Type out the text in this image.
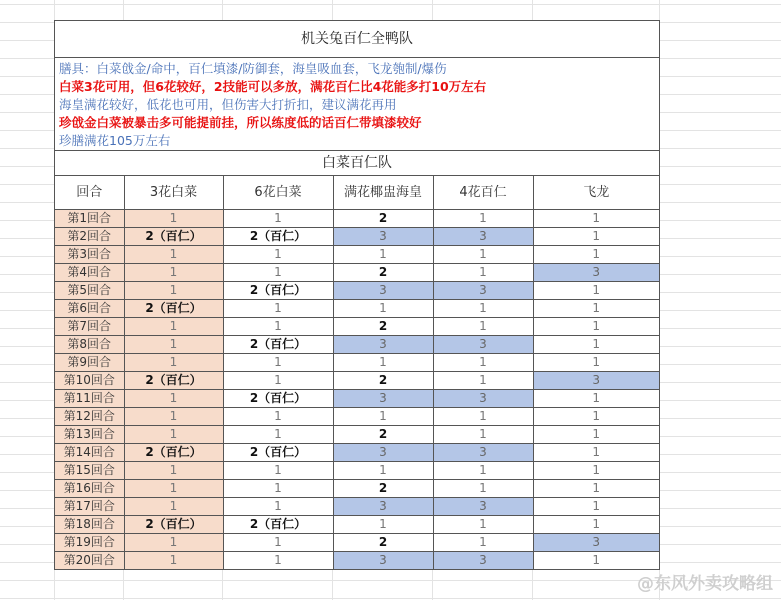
机关兔百仁全鸭队
膳具：白菜戗金/命中，百仁填漆/防御套，海皇吸血套，飞龙匏制/爆伤
白菜3花可用，但6花较好，2技能可以多放，满花百仁比4花能多打10万左右
海皇满花较好，低花也可用，但伤害大打折扣，建议满花再用
珍戗金白菜被暴击多可能提前挂，所以练度低的话百仁带填漆较好
珍膳满花105万左右
白菜百仁队
回合	3花白菜	6花白菜	满花椰盅海皇	4花百仁	飞龙
第1回合	1	1	2	1	1
第2回合	2（百仁）	2（百仁）	3	3	1
第3回合	1	1	1	1	1
第4回合	1	1	2	1	3
第5回合	1	2（百仁）	3	3	1
第6回合	2（百仁）	1	1	1	1
第7回合	1	1	2	1	1
第8回合	1	2（百仁）	3	3	1
第9回合	1	1	1	1	1
第10回合	2（百仁）	1	2	1	3
第11回合	1	2（百仁）	3	3	1
第12回合	1	1	1	1	1
第13回合	1	1	2	1	1
第14回合	2（百仁）	2（百仁）	3	3	1
第15回合	1	1	1	1	1
第16回合	1	1	2	1	1
第17回合	1	1	3	3	1
第18回合	2（百仁）	2（百仁）	1	1	1
第19回合	1	1	2	1	3
第20回合	1	1	3	3	1
@东风外卖攻略组
